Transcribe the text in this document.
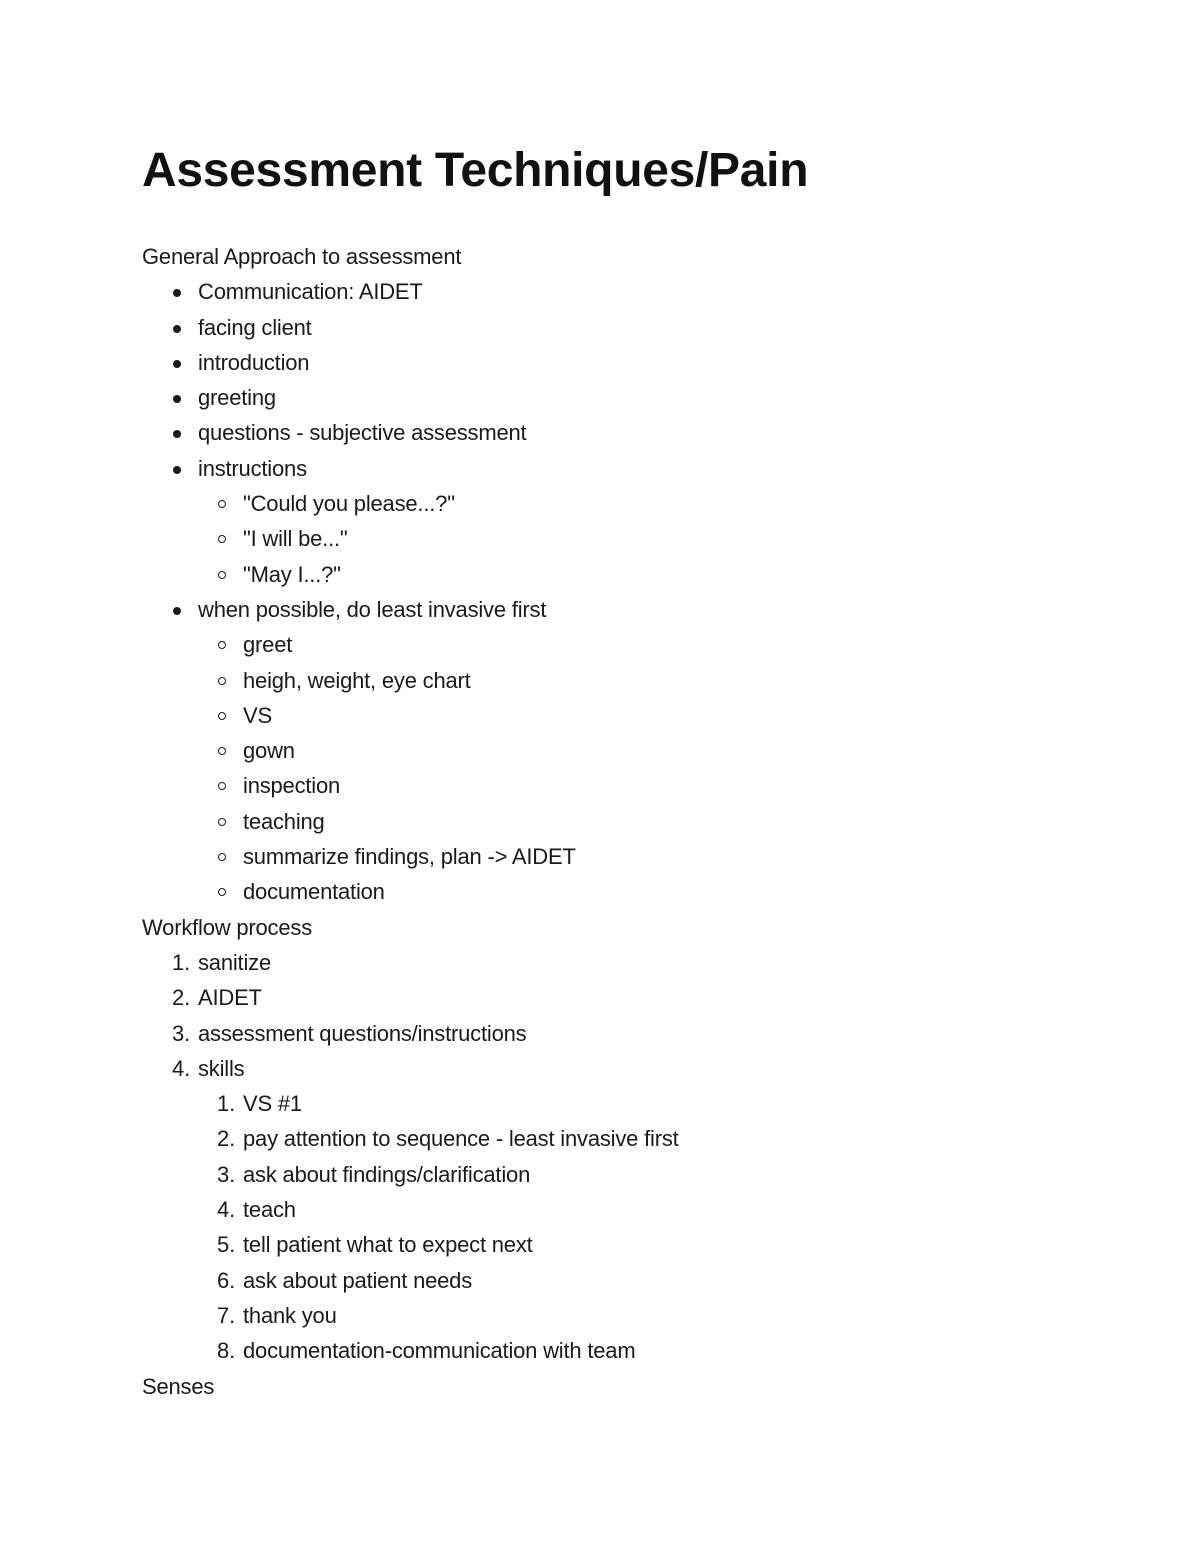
Assessment Techniques/Pain

General Approach to assessment

Communication: AIDET
facing client
introduction
greeting
questions - subjective assessment
instructions
"Could you please...?"
"I will be..."
"May I...?"
when possible, do least invasive first
greet
heigh, weight, eye chart
VS
gown
inspection
teaching
summarize findings, plan -> AIDET
documentation

Workflow process

1. sanitize
2. AIDET
3. assessment questions/instructions
4. skills
1. VS #1
2. pay attention to sequence - least invasive first
3. ask about findings/clarification
4. teach
5. tell patient what to expect next
6. ask about patient needs
7. thank you
8. documentation-communication with team

Senses
